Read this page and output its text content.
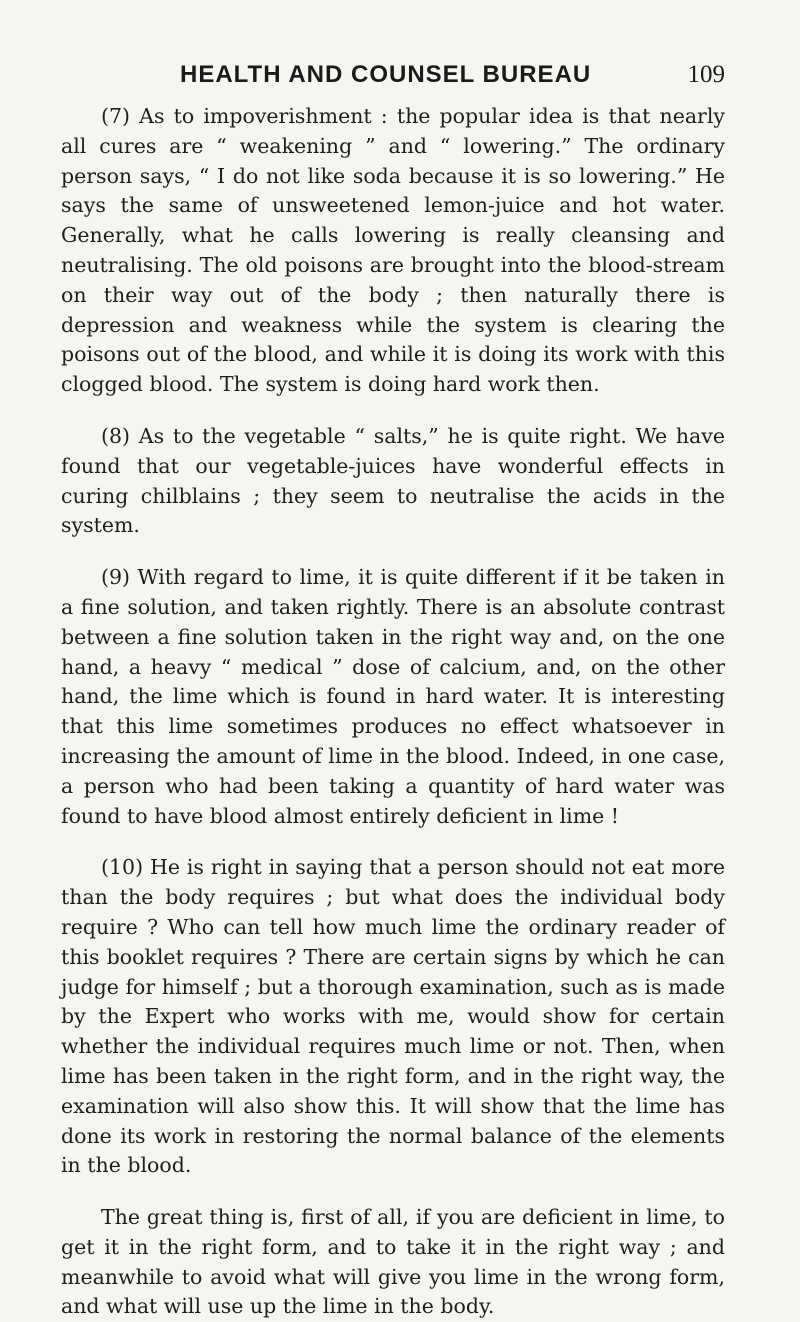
HEALTH AND COUNSEL BUREAU	109

(7) As to impoverishment : the popular idea is that nearly all cures are “ weakening ” and “ lowering.” The ordinary person says, “ I do not like soda because it is so lowering.” He says the same of unsweetened lemon-juice and hot water. Generally, what he calls lowering is really cleansing and neutralising. The old poisons are brought into the blood-stream on their way out of the body ; then naturally there is depression and weakness while the system is clearing the poisons out of the blood, and while it is doing its work with this clogged blood. The system is doing hard work then.

(8) As to the vegetable “ salts,” he is quite right. We have found that our vegetable-juices have wonderful effects in curing chilblains ; they seem to neutralise the acids in the system.

(9) With regard to lime, it is quite different if it be taken in a fine solution, and taken rightly. There is an absolute contrast between a fine solution taken in the right way and, on the one hand, a heavy “ medical ” dose of calcium, and, on the other hand, the lime which is found in hard water. It is interesting that this lime sometimes produces no effect whatsoever in increasing the amount of lime in the blood. Indeed, in one case, a person who had been taking a quantity of hard water was found to have blood almost entirely deficient in lime !

(10) He is right in saying that a person should not eat more than the body requires ; but what does the individual body require ? Who can tell how much lime the ordinary reader of this booklet requires ? There are certain signs by which he can judge for himself ; but a thorough examination, such as is made by the Expert who works with me, would show for certain whether the individual requires much lime or not. Then, when lime has been taken in the right form, and in the right way, the examination will also show this. It will show that the lime has done its work in restoring the normal balance of the elements in the blood.

The great thing is, first of all, if you are deficient in lime, to get it in the right form, and to take it in the right way ; and meanwhile to avoid what will give you lime in the wrong form, and what will use up the lime in the body.
